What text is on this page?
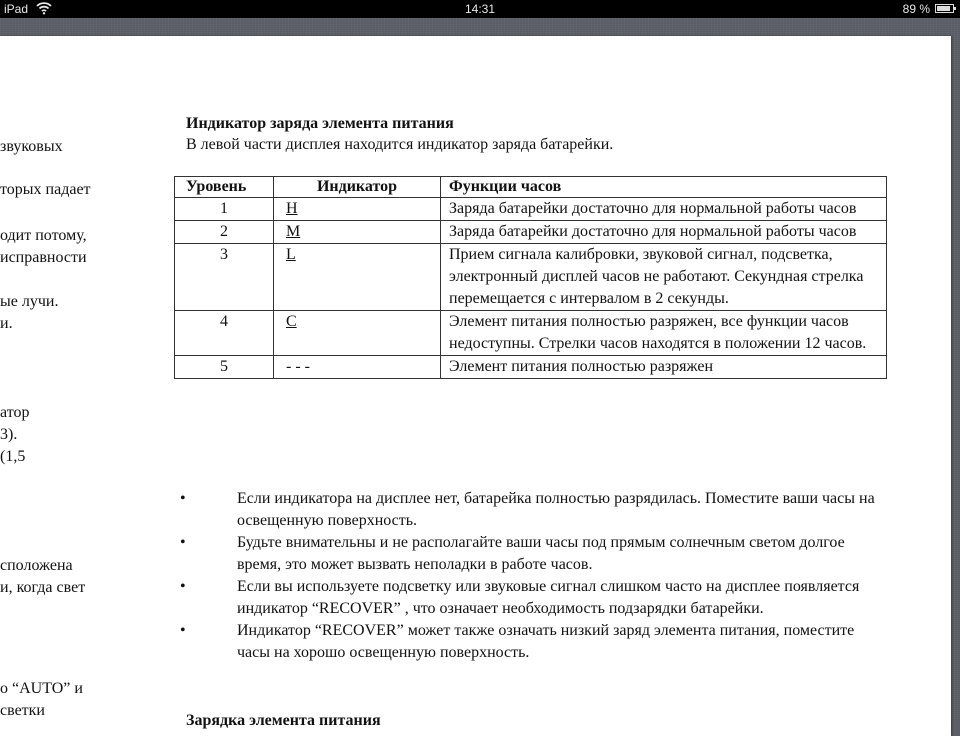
iPad	14:31	89 %
звуковых
торых падает
одит потому,
исправности
ые лучи.
и.
атор
3).
(1,5
сположена
и, когда свет
о “AUTO” и
светки
Индикатор заряда элемента питания
В левой части дисплея находится индикатор заряда батарейки.
Уровень	Индикатор	Функции часов
1	H	Заряда батарейки достаточно для нормальной работы часов
2	M	Заряда батарейки достаточно для нормальной работы часов
3	L	Прием сигнала калибровки, звуковой сигнал, подсветка, электронный дисплей часов не работают. Секундная стрелка перемещается с интервалом в 2 секунды.
4	C	Элемент питания полностью разряжен, все функции часов недоступны. Стрелки часов находятся в положении 12 часов.
5	- - -	Элемент питания полностью разряжен
•	Если индикатора на дисплее нет, батарейка полностью разрядилась. Поместите ваши часы на освещенную поверхность.
•	Будьте внимательны и не располагайте ваши часы под прямым солнечным светом долгое время, это может вызвать неполадки в работе часов.
•	Если вы используете подсветку или звуковые сигнал слишком часто на дисплее появляется индикатор “RECOVER” , что означает необходимость подзарядки батарейки.
•	Индикатор “RECOVER” может также означать низкий заряд элемента питания, поместите часы на хорошо освещенную поверхность.
Зарядка элемента питания
